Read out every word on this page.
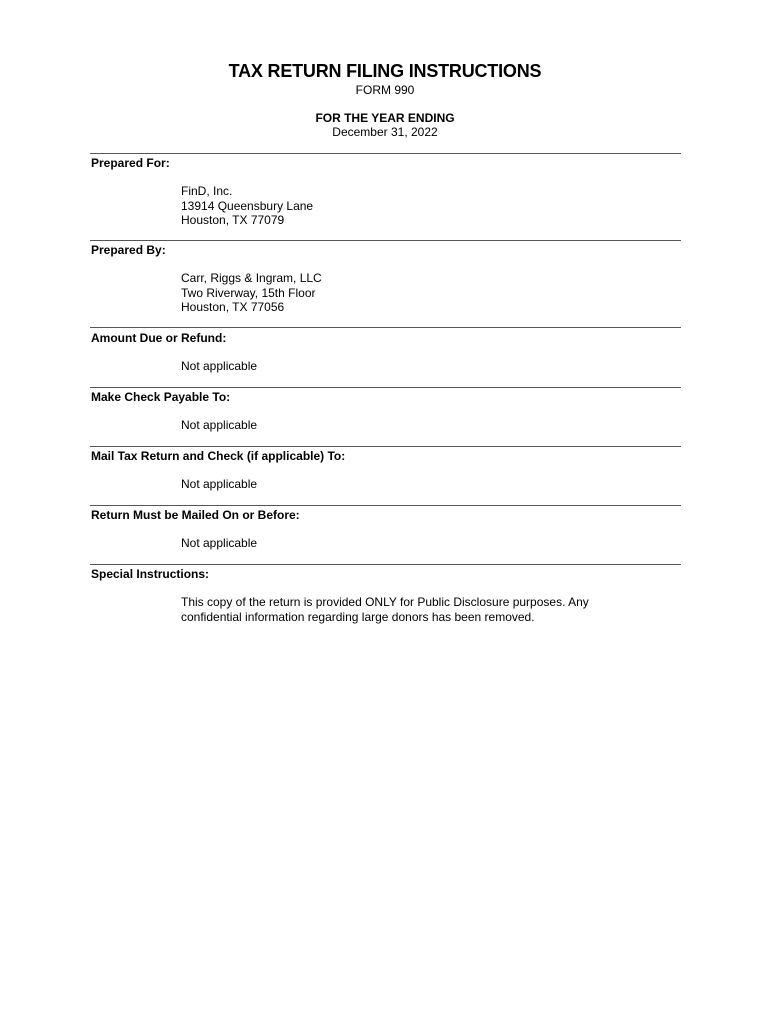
TAX RETURN FILING INSTRUCTIONS
FORM 990
FOR THE YEAR ENDING
December 31, 2022
Prepared For:
FinD, Inc.
13914 Queensbury Lane
Houston, TX 77079
Prepared By:
Carr, Riggs & Ingram, LLC
Two Riverway, 15th Floor
Houston, TX 77056
Amount Due or Refund:
Not applicable
Make Check Payable To:
Not applicable
Mail Tax Return and Check (if applicable) To:
Not applicable
Return Must be Mailed On or Before:
Not applicable
Special Instructions:
This copy of the return is provided ONLY for Public Disclosure purposes. Any confidential information regarding large donors has been removed.
